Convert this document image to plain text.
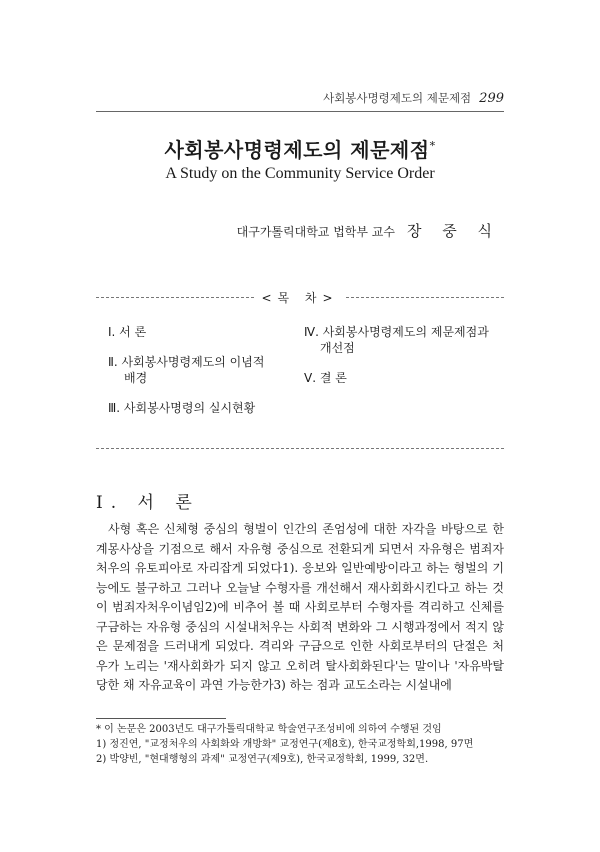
사회봉사명령제도의 제문제점 299
사회봉사명령제도의 제문제점*
A Study on the Community Service Order
대구가톨릭대학교 법학부 교수 장 중 식
<목 차>
Ⅰ. 서 론
Ⅱ. 사회봉사명령제도의 이념적
배경
Ⅲ. 사회봉사명령의 실시현황
Ⅳ. 사회봉사명령제도의 제문제점과
개선점
Ⅴ. 결 론
Ⅰ. 서 론

사형 혹은 신체형 중심의 형벌이 인간의 존엄성에 대한 자각을 바탕으로 한 계몽사상을 기점으로 해서 자유형 중심으로 전환되게 되면서 자유형은 범죄자처우의 유토피아로 자리잡게 되었다1). 응보와 일반예방이라고 하는 형벌의 기능에도 불구하고 그러나 오늘날 수형자를 개선해서 재사회화시킨다고 하는 것이 범죄자처우이념임2)에 비추어 볼 때 사회로부터 수형자를 격리하고 신체를 구금하는 자유형 중심의 시설내처우는 사회적 변화와 그 시행과정에서 적지 않은 문제점을 드러내게 되었다. 격리와 구금으로 인한 사회로부터의 단절은 처우가 노리는 '재사회화가 되지 않고 오히려 탈사회화된다'는 말이나 '자유박탈당한 채 자유교육이 과연 가능한가3) 하는 점과 교도소라는 시설내에

* 이 논문은 2003년도 대구가톨릭대학교 학술연구조성비에 의하여 수행된 것임
1) 정진연, "교정처우의 사회화와 개방화" 교정연구(제8호), 한국교정학회,1998, 97면
2) 박양빈, "현대행형의 과제" 교정연구(제9호), 한국교정학회, 1999, 32면.
